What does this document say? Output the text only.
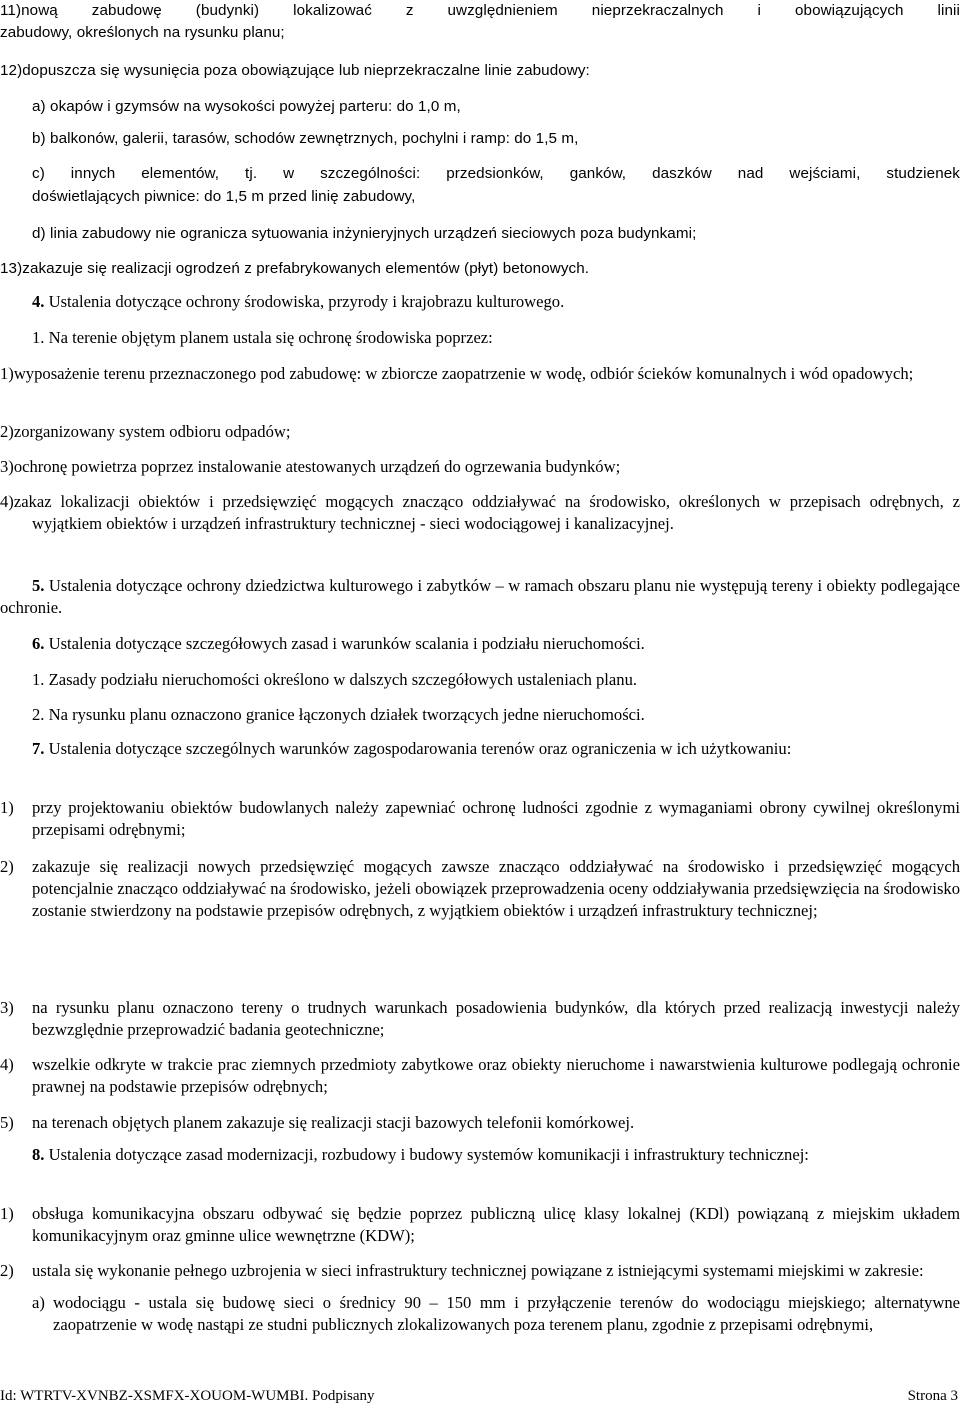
11)nową zabudowę (budynki) lokalizować z uwzględnieniem nieprzekraczalnych i obowiązujących linii

zabudowy, określonych na rysunku planu;

12)dopuszcza się wysunięcia poza obowiązujące lub nieprzekraczalne linie zabudowy:

a) okapów i gzymsów na wysokości powyżej parteru: do 1,0 m,

b) balkonów, galerii, tarasów, schodów zewnętrznych, pochylni i ramp: do 1,5 m,

c) innych elementów, tj. w szczególności: przedsionków, ganków, daszków nad wejściami, studzienek

doświetlających piwnice: do 1,5 m przed linię zabudowy,

d) linia zabudowy nie ogranicza sytuowania inżynieryjnych urządzeń sieciowych poza budynkami;

13)zakazuje się realizacji ogrodzeń z prefabrykowanych elementów (płyt) betonowych.

4. Ustalenia dotyczące ochrony środowiska, przyrody i krajobrazu kulturowego.

1. Na terenie objętym planem ustala się ochronę środowiska poprzez:

1)wyposażenie terenu przeznaczonego pod zabudowę: w zbiorcze zaopatrzenie w wodę, odbiór ścieków komunalnych i wód opadowych;

2)zorganizowany system odbioru odpadów;

3)ochronę powietrza poprzez instalowanie atestowanych urządzeń do ogrzewania budynków;

4)zakaz lokalizacji obiektów i przedsięwzięć mogących znacząco oddziaływać na środowisko, określonych w przepisach odrębnych, z wyjątkiem obiektów i urządzeń infrastruktury technicznej - sieci wodociągowej i kanalizacyjnej.

5. Ustalenia dotyczące ochrony dziedzictwa kulturowego i zabytków – w ramach obszaru planu nie występują tereny i obiekty podlegające ochronie.

6. Ustalenia dotyczące szczegółowych zasad i warunków scalania i podziału nieruchomości.

1. Zasady podziału nieruchomości określono w dalszych szczegółowych ustaleniach planu.

2. Na rysunku planu oznaczono granice łączonych działek tworzących jedne nieruchomości.

7. Ustalenia dotyczące szczególnych warunków zagospodarowania terenów oraz ograniczenia w ich użytkowaniu:

1) przy projektowaniu obiektów budowlanych należy zapewniać ochronę ludności zgodnie z wymaganiami obrony cywilnej określonymi przepisami odrębnymi;
2) zakazuje się realizacji nowych przedsięwzięć mogących zawsze znacząco oddziaływać na środowisko i przedsięwzięć mogących potencjalnie znacząco oddziaływać na środowisko, jeżeli obowiązek przeprowadzenia oceny oddziaływania przedsięwzięcia na środowisko zostanie stwierdzony na podstawie przepisów odrębnych, z wyjątkiem obiektów i urządzeń infrastruktury technicznej;
3) na rysunku planu oznaczono tereny o trudnych warunkach posadowienia budynków, dla których przed realizacją inwestycji należy bezwzględnie przeprowadzić badania geotechniczne;
4) wszelkie odkryte w trakcie prac ziemnych przedmioty zabytkowe oraz obiekty nieruchome i nawarstwienia kulturowe podlegają ochronie prawnej na podstawie przepisów odrębnych;
5) na terenach objętych planem zakazuje się realizacji stacji bazowych telefonii komórkowej.

8. Ustalenia dotyczące zasad modernizacji, rozbudowy i budowy systemów komunikacji i infrastruktury technicznej:

1) obsługa komunikacyjna obszaru odbywać się będzie poprzez publiczną ulicę klasy lokalnej (KDl) powiązaną z miejskim układem komunikacyjnym oraz gminne ulice wewnętrzne (KDW);
2) ustala się wykonanie pełnego uzbrojenia w sieci infrastruktury technicznej powiązane z istniejącymi systemami miejskimi w zakresie:
a) wodociągu - ustala się budowę sieci o średnicy 90 – 150 mm i przyłączenie terenów do wodociągu miejskiego; alternatywne zaopatrzenie w wodę nastąpi ze studni publicznych zlokalizowanych poza terenem planu, zgodnie z przepisami odrębnymi,
Id: WTRTV-XVNBZ-XSMFX-XOUOM-WUMBI. Podpisany	Strona 3
